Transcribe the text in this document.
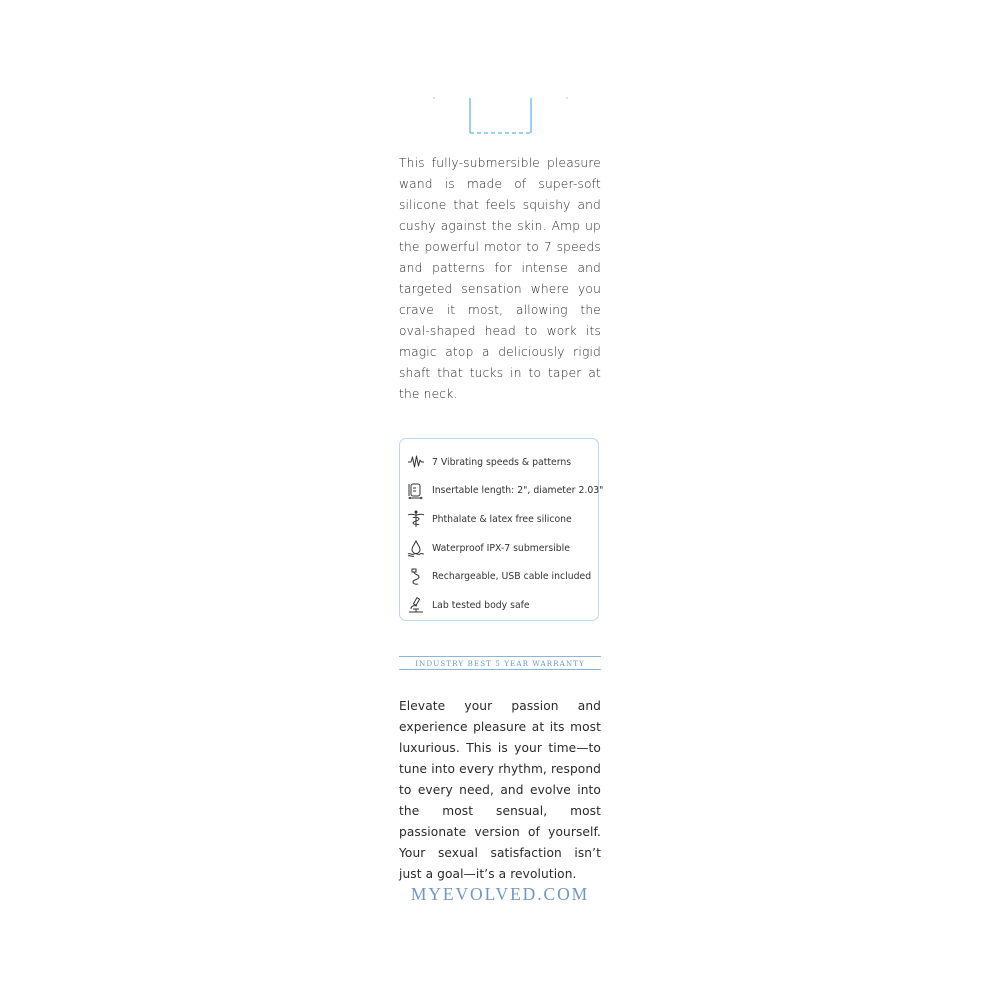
This fully-submersible pleasure wand is made of super-soft silicone that feels squishy and cushy against the skin. Amp up the powerful motor to 7 speeds and patterns for intense and targeted sensation where you crave it most, allowing the oval-shaped head to work its magic atop a deliciously rigid shaft that tucks in to taper at the neck.

7 Vibrating speeds & patterns
Insertable length: 2", diameter 2.03"
Phthalate & latex free silicone
Waterproof IPX-7 submersible
Rechargeable, USB cable included
Lab tested body safe
INDUSTRY BEST 5 YEAR WARRANTY

Elevate your passion and experience pleasure at its most luxurious. This is your time—to tune into every rhythm, respond to every need, and evolve into the most sensual, most passionate version of yourself. Your sexual satisfaction isn’t just a goal—it’s a revolution.

MYEVOLVED.COM
